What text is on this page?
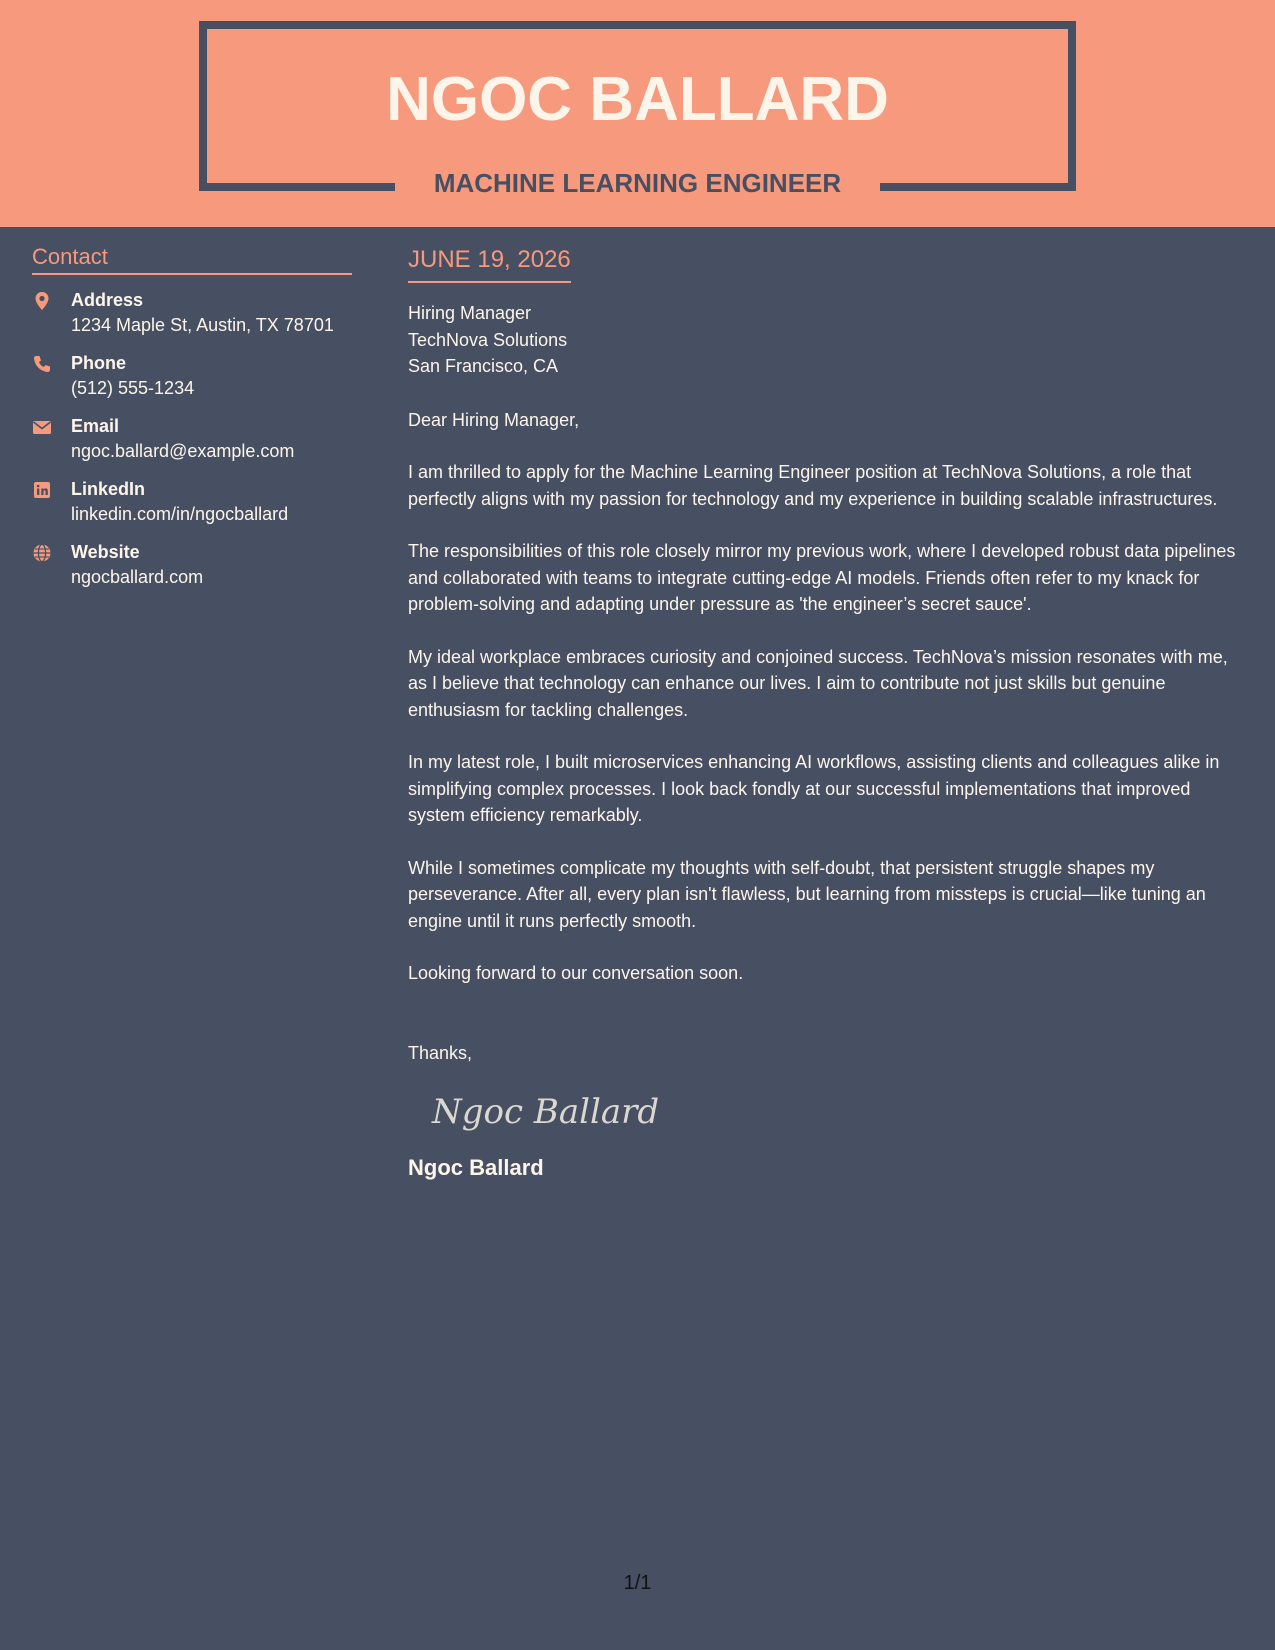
NGOC BALLARD
MACHINE LEARNING ENGINEER
Contact
Address
1234 Maple St, Austin, TX 78701
Phone
(512) 555-1234
Email
ngoc.ballard@example.com
LinkedIn
linkedin.com/in/ngocballard
Website
ngocballard.com
JUNE 19, 2026
Hiring Manager
TechNova Solutions
San Francisco, CA
Dear Hiring Manager,

I am thrilled to apply for the Machine Learning Engineer position at TechNova Solutions, a role that perfectly aligns with my passion for technology and my experience in building scalable infrastructures.

The responsibilities of this role closely mirror my previous work, where I developed robust data pipelines and collaborated with teams to integrate cutting-edge AI models. Friends often refer to my knack for problem-solving and adapting under pressure as 'the engineer’s secret sauce'.

My ideal workplace embraces curiosity and conjoined success. TechNova’s mission resonates with me, as I believe that technology can enhance our lives. I aim to contribute not just skills but genuine enthusiasm for tackling challenges.

In my latest role, I built microservices enhancing AI workflows, assisting clients and colleagues alike in simplifying complex processes. I look back fondly at our successful implementations that improved system efficiency remarkably.

While I sometimes complicate my thoughts with self-doubt, that persistent struggle shapes my perseverance. After all, every plan isn't flawless, but learning from missteps is crucial—like tuning an engine until it runs perfectly smooth.

Looking forward to our conversation soon.

Thanks,
Ngoc Ballard
Ngoc Ballard
1/1
